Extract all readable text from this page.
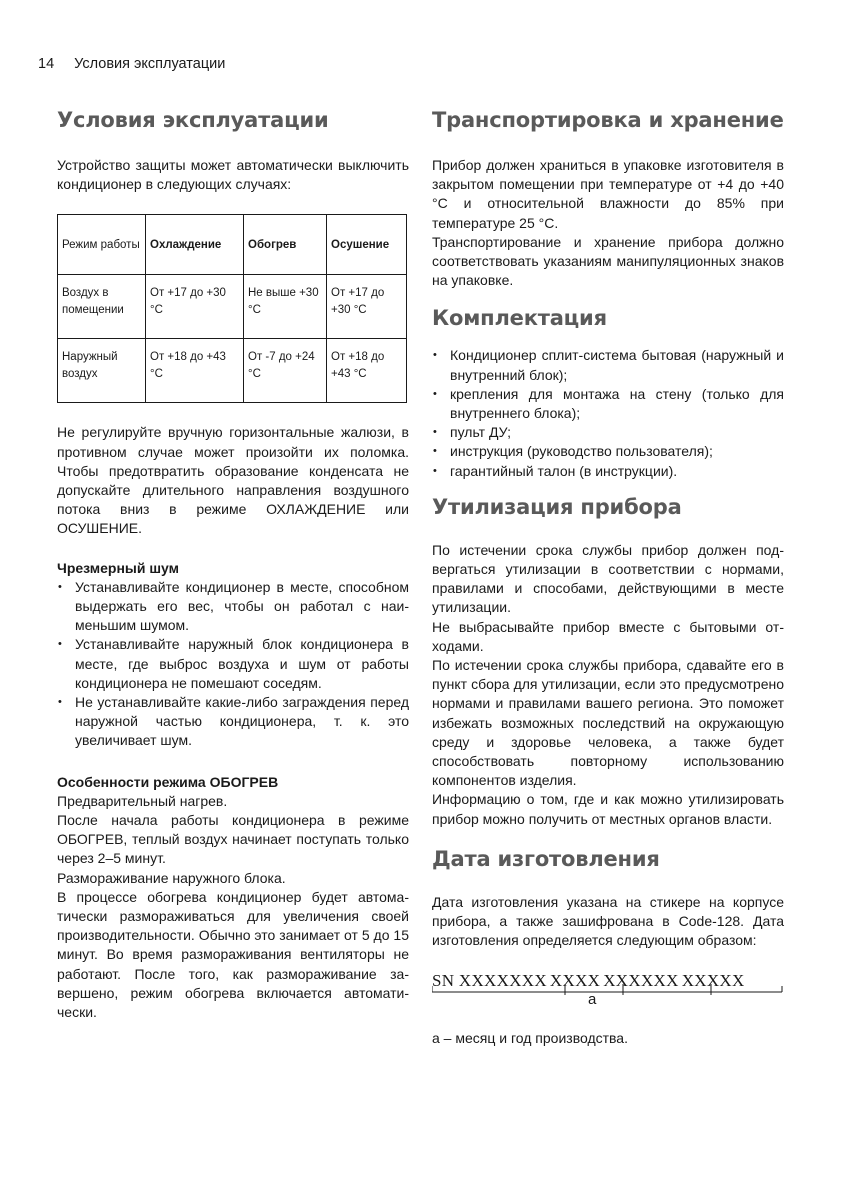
14 Условия эксплуатации
Условия эксплуатации

Устройство защиты может автоматически выключить кондиционер в следующих случаях:

Режим работы	Охлаждение	Обогрев	Осушение
Воздух в помещении	От +17 до +30 °C	Не выше +30 °C	От +17 до +30 °C
Наружный воздух	От +18 до +43 °C	От -7 до +24 °C	От +18 до +43 °C

Не регулируйте вручную горизонтальные жалюзи, в противном случае может произойти их поломка. Чтобы предотвратить образование конденсата не допускайте длительного направления воздушного потока вниз в режиме ОХЛАЖДЕНИЕ или ОСУШЕНИЕ.

Чрезмерный шум
• Устанавливайте кондиционер в месте, способном выдержать его вес, чтобы он работал с наименьшим шумом.
• Устанавливайте наружный блок кондиционера в месте, где выброс воздуха и шум от работы кондиционера не помешают соседям.
• Не устанавливайте какие-либо заграждения перед наружной частью кондиционера, т. к. это увеличивает шум.
Особенности режима ОБОГРЕВ

Предварительный нагрев.

После начала работы кондиционера в режиме ОБОГРЕВ, теплый воздух начинает поступать только через 2–5 минут.

Размораживание наружного блока.

В процессе обогрева кондиционер будет автоматически размораживаться для увеличения своей производительности. Обычно это занимает от 5 до 15 минут. Во время размораживания вентиляторы не работают. После того, как размораживание завершено, режим обогрева включается автоматически.

Транспортировка и хранение

Прибор должен храниться в упаковке изготовителя в закрытом помещении при температуре от +4 до +40 °C и относительной влажности до 85% при температуре 25 °C.

Транспортирование и хранение прибора должно соответствовать указаниям манипуляционных знаков на упаковке.

Комплектация
• Кондиционер сплит-система бытовая (наружный и внутренний блок);
• крепления для монтажа на стену (только для внутреннего блока);
• пульт ДУ;
• инструкция (руководство пользователя);
• гарантийный талон (в инструкции).
Утилизация прибора

По истечении срока службы прибор должен подвергаться утилизации в соответствии с нормами, правилами и способами, действующими в месте утилизации.

Не выбрасывайте прибор вместе с бытовыми отходами.

По истечении срока службы прибора, сдавайте его в пункт сбора для утилизации, если это предусмотрено нормами и правилами вашего региона. Это поможет избежать возможных последствий на окружающую среду и здоровье человека, а также будет способствовать повторному использованию компонентов изделия.

Информацию о том, где и как можно утилизировать прибор можно получить от местных органов власти.

Дата изготовления

Дата изготовления указана на стикере на корпусе прибора, а также зашифрована в Code-128. Дата изготовления определяется следующим образом:

SN XXXXXXX XXXX XXXXXX XXXXX
a

a – месяц и год производства.
